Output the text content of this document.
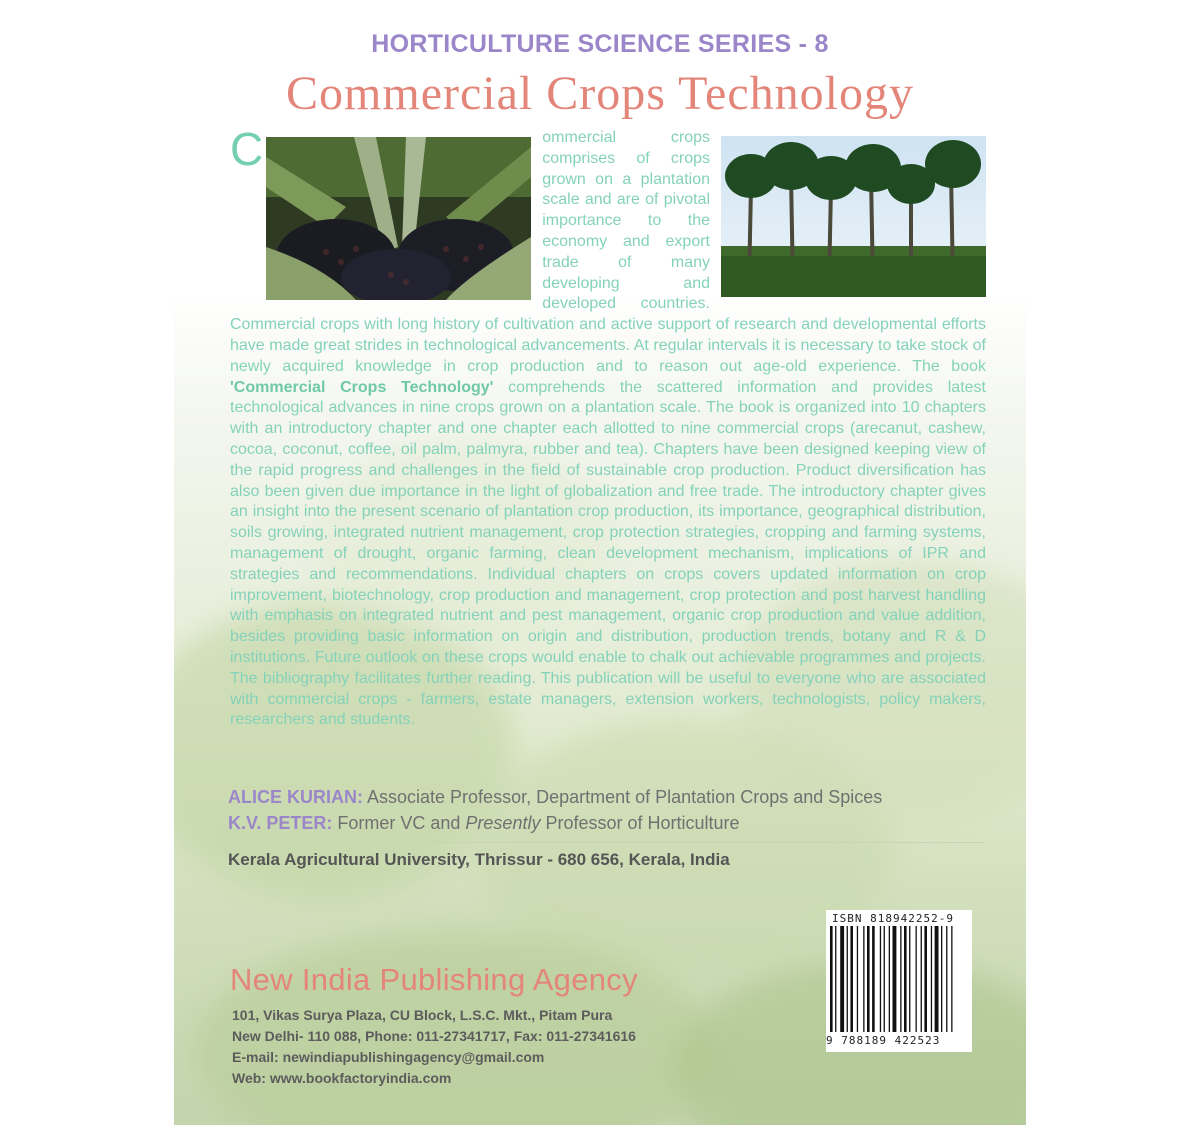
HORTICULTURE SCIENCE SERIES - 8
Commercial Crops Technology
C	ommercial crops comprises of crops grown on a plantation scale and are of pivotal importance to the economy and export trade of many developing and developed countries. Commercial crops with long history of cultivation and active support of research and developmental efforts have made great strides in technological advancements. At regular intervals it is necessary to take stock of newly acquired knowledge in crop production and to reason out age-old experience. The book 'Commercial Crops Technology' comprehends the scattered information and provides latest technological advances in nine crops grown on a plantation scale. The book is organized into 10 chapters with an introductory chapter and one chapter each allotted to nine commercial crops (arecanut, cashew, cocoa, coconut, coffee, oil palm, palmyra, rubber and tea). Chapters have been designed keeping view of the rapid progress and challenges in the field of sustainable crop production. Product diversification has also been given due importance in the light of globalization and free trade. The introductory chapter gives an insight into the present scenario of plantation crop production, its importance, geographical distribution, soils growing, integrated nutrient management, crop protection strategies, cropping and farming systems, management of drought, organic farming, clean development mechanism, implications of IPR and strategies and recommendations. Individual chapters on crops covers updated information on crop improvement, biotechnology, crop production and management, crop protection and post harvest handling with emphasis on integrated nutrient and pest management, organic crop production and value addition, besides providing basic information on origin and distribution, production trends, botany and R & D institutions. Future outlook on these crops would enable to chalk out achievable programmes and projects. The bibliography facilitates further reading. This publication will be useful to everyone who are associated with commercial crops - farmers, estate managers, extension workers, technologists, policy makers, researchers and students.
ALICE KURIAN: Associate Professor, Department of Plantation Crops and Spices
K.V. PETER: Former VC and Presently Professor of Horticulture
Kerala Agricultural University, Thrissur - 680 656, Kerala, India
New India Publishing Agency
101, Vikas Surya Plaza, CU Block, L.S.C. Mkt., Pitam Pura
New Delhi- 110 088, Phone: 011-27341717, Fax: 011-27341616
E-mail: newindiapublishingagency@gmail.com
Web: www.bookfactoryindia.com
ISBN 818942252-9
9 788189 422523
